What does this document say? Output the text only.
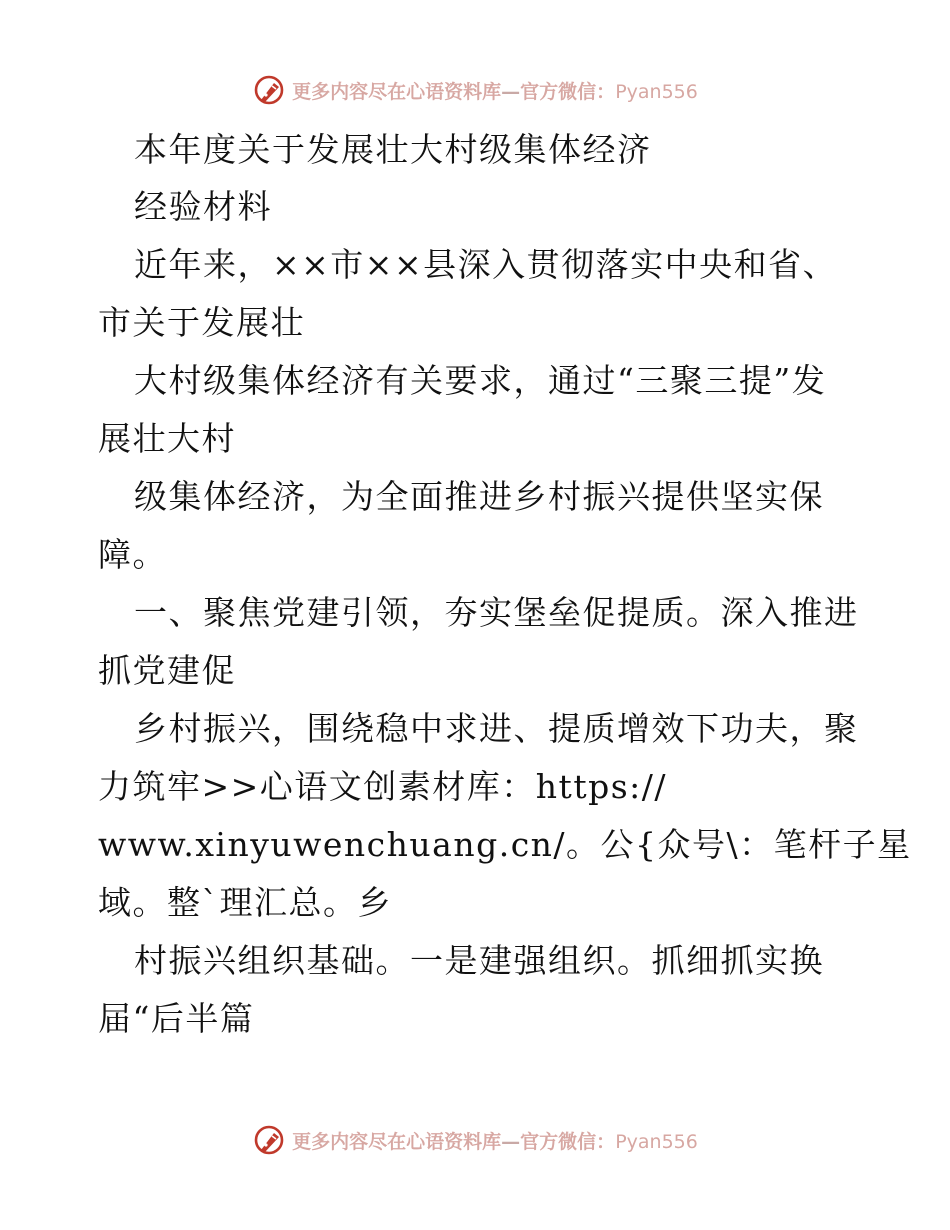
更多内容尽在心语资料库—官方微信：Pyan556
本年度关于发展壮大村级集体经济
经验材料
近年来，××市××县深入贯彻落实中央和省、
市关于发展壮
大村级集体经济有关要求，通过“三聚三提”发
展壮大村
级集体经济，为全面推进乡村振兴提供坚实保
障。
一、聚焦党建引领，夯实堡垒促提质。深入推进
抓党建促
乡村振兴，围绕稳中求进、提质增效下功夫，聚
力筑牢>>心语文创素材库：https://
www.xinyuwenchuang.cn/。公{众号\：笔杆子星
域。整`理汇总。乡
村振兴组织基础。一是建强组织。抓细抓实换
届“后半篇
更多内容尽在心语资料库—官方微信：Pyan556
